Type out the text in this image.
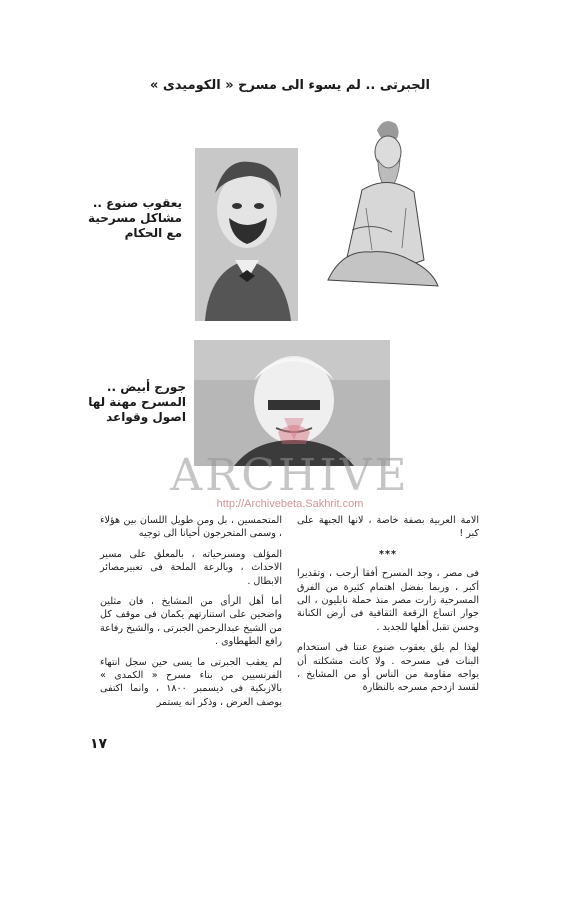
الجبرتى .. لم يسوء الى مسرح « الكوميدى »
يعقوب صنوع ..
مشاكل مسرحية
مع الحكام
جورج أبيض ..
المسرح مهنة لها
اصول وقواعد
ARCHIVE
http://Archivebeta.Sakhrit.com

الامة العربية بصفة خاصة ، لانها الجبهة على كبر !

***

فى مصر ، وجد المسرح أفقا أرحب ، وتقديرا أكبر ، وربما بفضل اهتمام كثيرة من الفرق المسرحية زارت مصر منذ حملة نابليون ، الى جوار اتساع الرقعة الثقافية فى أرض الكنانة وحسن تقبل أهلها للجديد .

لهذا لم يلق يعقوب صنوع عنتا فى استخدام البنات فى مسرحه . ولا كانت مشكلته أن يواجه مقاومة من الناس أو من المشايخ ، لقسد ازدحم مسرحه بالنظارة

المتحمسين ، بل ومن طويل اللسان بين هؤلاء ، وسمى المتحرجون أحيانا الى توجيه

المؤلف ومسرحياته ، بالمعلق على مسير الاحداث ، وبالرعة الملحة فى تعبيرمصائر الابطال .

أما أهل الرأى من المشايخ ، فان مثلين واضحين على استنارتهم يكمان فى موقف كل من الشيخ عبدالرحمن الجبرتى ، والشيخ رفاعة رافع الطهطاوى .

لم يعقب الجبرتى ما يسى حين سجل انتهاء الفرنسيين من بناء مسرح « الكمدى » بالازبكية فى ديسمبر ١٨٠٠ ، وانما اكتفى بوصف العرض ، وذكر انه يستمر

١٧
